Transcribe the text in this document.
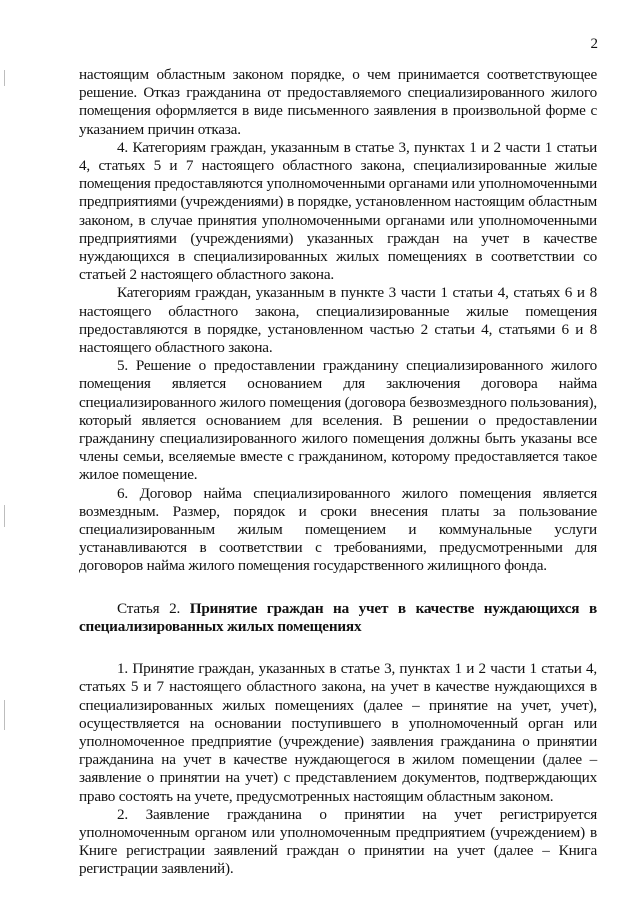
2

настоящим областным законом порядке, о чем принимается соответствующее решение. Отказ гражданина от предоставляемого специализированного жилого помещения оформляется в виде письменного заявления в произвольной форме с указанием причин отказа.

4. Категориям граждан, указанным в статье 3, пунктах 1 и 2 части 1 статьи 4, статьях 5 и 7 настоящего областного закона, специализированные жилые помещения предоставляются уполномоченными органами или уполномоченными предприятиями (учреждениями) в порядке, установленном настоящим областным законом, в случае принятия уполномоченными органами или уполномоченными предприятиями (учреждениями) указанных граждан на учет в качестве нуждающихся в специализированных жилых помещениях в соответствии со статьей 2 настоящего областного закона.

Категориям граждан, указанным в пункте 3 части 1 статьи 4, статьях 6 и 8 настоящего областного закона, специализированные жилые помещения предоставляются в порядке, установленном частью 2 статьи 4, статьями 6 и 8 настоящего областного закона.

5. Решение о предоставлении гражданину специализированного жилого помещения является основанием для заключения договора найма специализированного жилого помещения (договора безвозмездного пользования), который является основанием для вселения. В решении о предоставлении гражданину специализированного жилого помещения должны быть указаны все члены семьи, вселяемые вместе с гражданином, которому предоставляется такое жилое помещение.

6. Договор найма специализированного жилого помещения является возмездным. Размер, порядок и сроки внесения платы за пользование специализированным жилым помещением и коммунальные услуги устанавливаются в соответствии с требованиями, предусмотренными для договоров найма жилого помещения государственного жилищного фонда.

Статья 2. Принятие граждан на учет в качестве нуждающихся в специализированных жилых помещениях

1. Принятие граждан, указанных в статье 3, пунктах 1 и 2 части 1 статьи 4, статьях 5 и 7 настоящего областного закона, на учет в качестве нуждающихся в специализированных жилых помещениях (далее – принятие на учет, учет), осуществляется на основании поступившего в уполномоченный орган или уполномоченное предприятие (учреждение) заявления гражданина о принятии гражданина на учет в качестве нуждающегося в жилом помещении (далее – заявление о принятии на учет) с представлением документов, подтверждающих право состоять на учете, предусмотренных настоящим областным законом.

2. Заявление гражданина о принятии на учет регистрируется уполномоченным органом или уполномоченным предприятием (учреждением) в Книге регистрации заявлений граждан о принятии на учет (далее – Книга регистрации заявлений).
